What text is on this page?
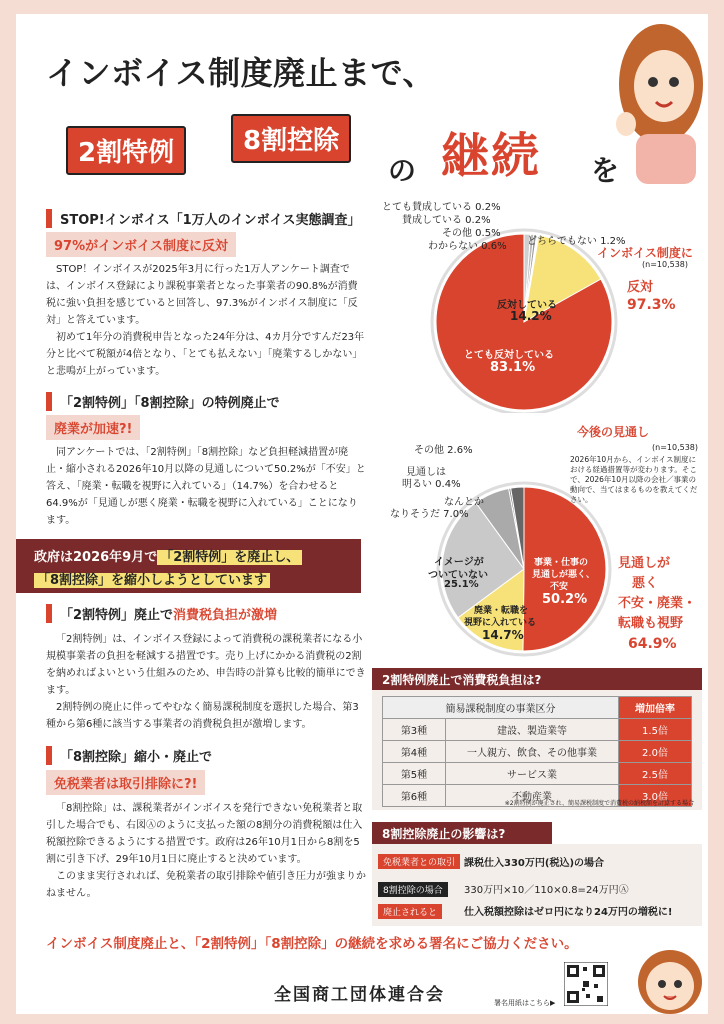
インボイス制度廃止まで、
2割特例	8割控除
の 継続 を
STOP!インボイス「1万人のインボイス実態調査」
97%がインボイス制度に反対

STOP！インボイスが2025年3月に行った1万人アンケート調査では、インボイス登録により課税事業者となった事業者の90.8%が消費税に強い負担を感じていると回答し、97.3%がインボイス制度に「反対」と答えています。

初めて1年分の消費税申告となった24年分は、4カ月分ですんだ23年分と比べて税額が4倍となり、「とても払えない」「廃業するしかない」と悲鳴が上がっています。

「2割特例」「8割控除」の特例廃止で
廃業が加速?!

同アンケートでは、「2割特例」「8割控除」など負担軽減措置が廃止・縮小される2026年10月以降の見通しについて50.2%が「不安」と答え、「廃業・転職を視野に入れている」（14.7%）を合わせると64.9%が「見通しが悪く廃業・転職を視野に入れている」ことになります。

政府は2026年9月で 「2割特例」を廃止し、
「8割控除」を縮小しようとしています
「2割特例」廃止で消費税負担が激増

「2割特例」は、インボイス登録によって消費税の課税業者になる小規模事業者の負担を軽減する措置です。売り上げにかかる消費税の2割を納めればよいという仕組みのため、申告時の計算も比較的簡単にできます。

2割特例の廃止に伴ってやむなく簡易課税制度を選択した場合、第3種から第6種に該当する事業者の消費税負担が激増します。

「8割控除」縮小・廃止で
免税業者は取引排除に?!

「8割控除」は、課税業者がインボイスを発行できない免税業者と取引した場合でも、右図Ⓐのように支払った額の8割分の消費税額は仕入税額控除できるようにする措置です。政府は26年10月1日から8割を5割に引き下げ、29年10月1日に廃止すると決めています。

このまま実行されれば、免税業者の取引排除や値引き圧力が強まりかねません。

とても賛成している 0.2%
賛成している 0.2%
その他 0.5%
わからない 0.6% どちらでもない 1.2%
(n=10,538)
インボイス制度に
反対
97.3%
反対している
14.2%
とても反対している
83.1%
今後の見通し
(n=10,538)
2026年10月から、インボイス制度における経過措置等が変わります。そこで、2026年10月以降の会社／事業の動向で、当てはまるものを教えてください。
その他 2.6%
見通しは
明るい 0.4%
なんとか
なりそうだ 7.0%
イメージが
ついていない
25.1%
事業・仕事の
見通しが悪く、
不安
50.2%
廃業・転職を
視野に入れている
14.7%
見通しが
悪く
不安・廃業・
転職も視野
64.9%
2割特例廃止で消費税負担は?
簡易課税制度の事業区分		増加倍率
第3種	建設、製造業等	1.5倍
第4種	一人親方、飲食、その他事業	2.0倍
第5種	サービス業	2.5倍
第6種	不動産業	3.0倍
※2割特例が廃止され、簡易課税制度で消費税の納税額を計算する場合
8割控除廃止の影響は?
免税業者との取引 課税仕入330万円(税込)の場合
8割控除の場合	330万円×10／110×0.8=24万円Ⓐ
廃止されると	仕入税額控除はゼロ円になり24万円の増税に!
インボイス制度廃止と、「2割特例」「8割控除」の継続を求める署名にご協力ください。
全国商工団体連合会	署名用紙はこちら▶
